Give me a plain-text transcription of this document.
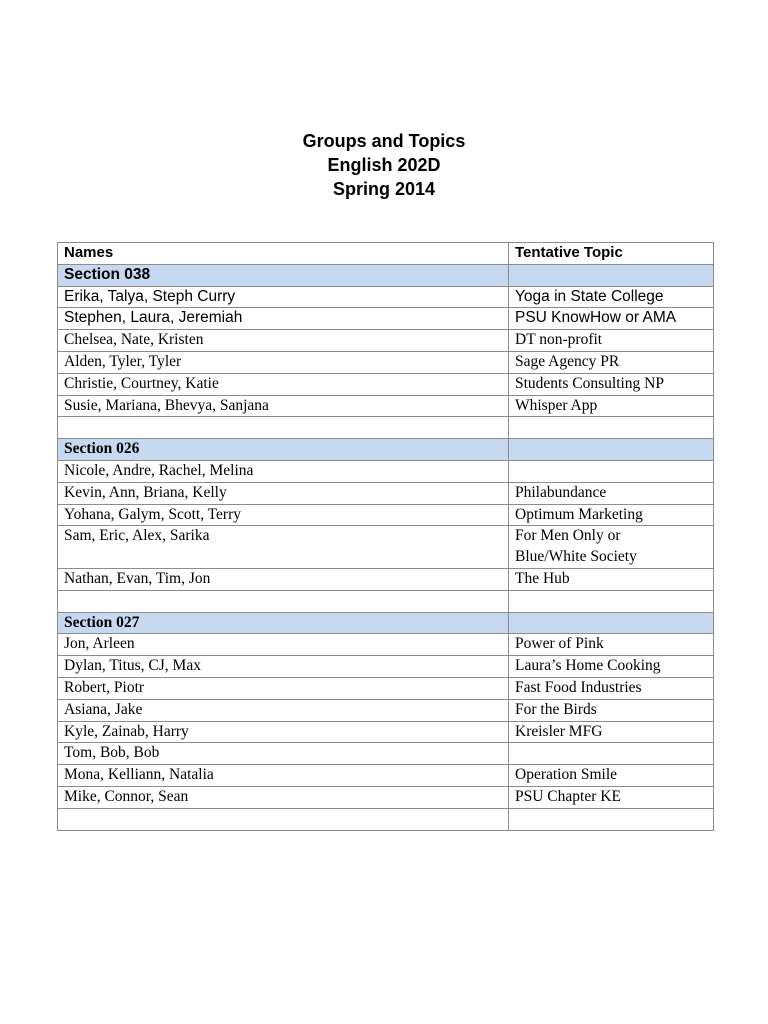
Groups and Topics
English 202D
Spring 2014
Names	Tentative Topic
Section 038	
Erika, Talya, Steph Curry	Yoga in State College

Stephen, Laura, Jeremiah	PSU KnowHow or AMA

Chelsea, Nate, Kristen	DT non-profit

Alden, Tyler, Tyler	Sage Agency PR

Christie, Courtney, Katie	Students Consulting NP

Susie, Mariana, Bhevya, Sanjana	Whisper App

Section 026	
Nicole, Andre, Rachel, Melina	

Kevin, Ann, Briana, Kelly	Philabundance

Yohana, Galym, Scott, Terry	Optimum Marketing

Sam, Eric, Alex, Sarika	For Men Only or
Blue/White Society

Nathan, Evan, Tim, Jon	The Hub

Section 027	
Jon, Arleen	Power of Pink

Dylan, Titus, CJ, Max	Laura’s Home Cooking

Robert, Piotr	Fast Food Industries

Asiana, Jake	For the Birds

Kyle, Zainab, Harry	Kreisler MFG

Tom, Bob, Bob	

Mona, Kelliann, Natalia	Operation Smile

Mike, Connor, Sean	PSU Chapter KE
